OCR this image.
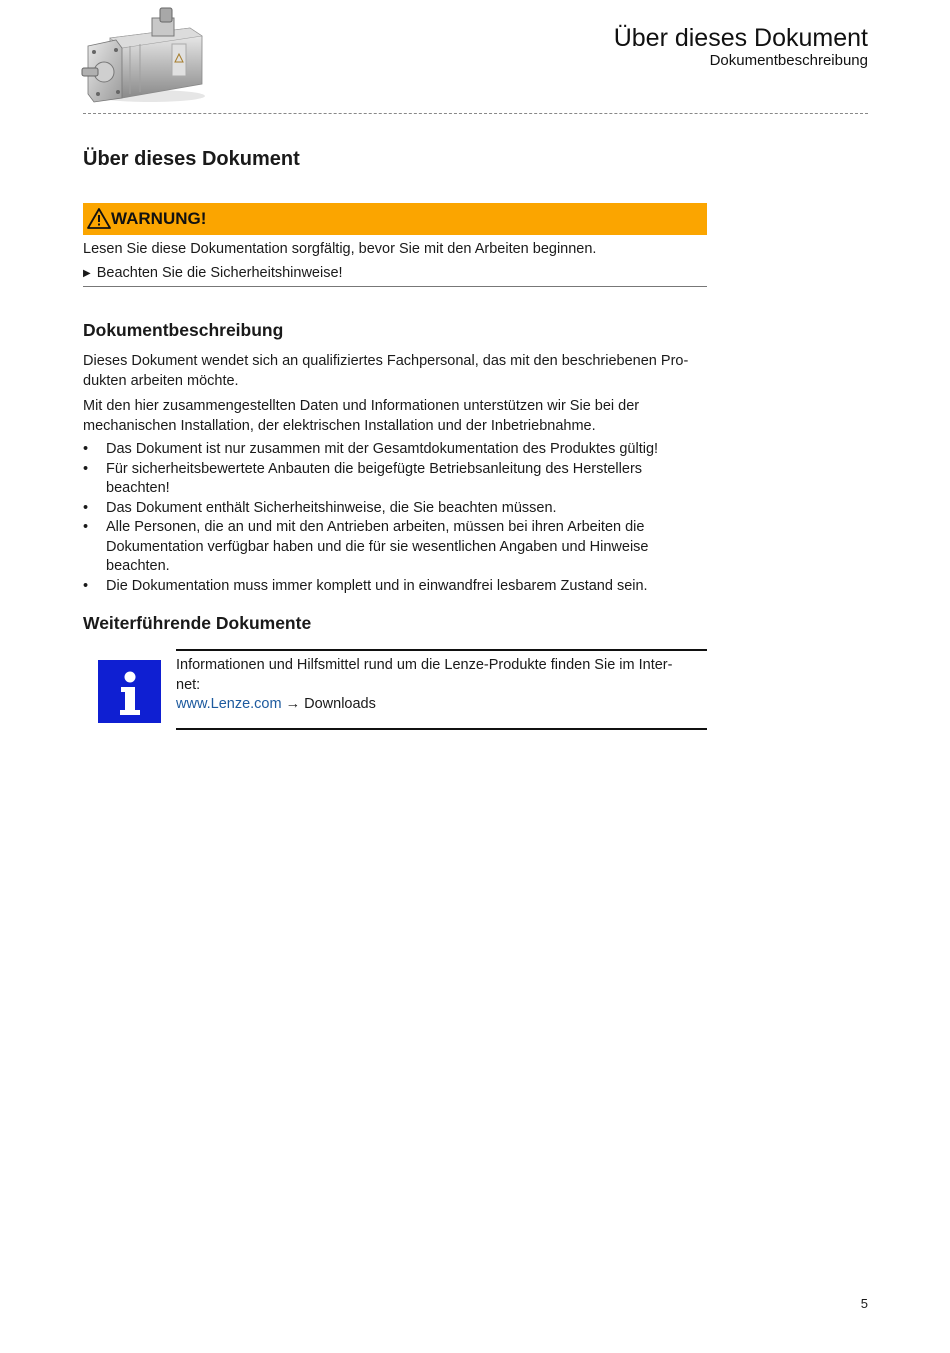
Über dieses Dokument
Dokumentbeschreibung
Über dieses Dokument
WARNUNG!
Lesen Sie diese Dokumentation sorgfältig, bevor Sie mit den Arbeiten beginnen.
▶ Beachten Sie die Sicherheitshinweise!
Dokumentbeschreibung

Dieses Dokument wendet sich an qualifiziertes Fachpersonal, das mit den beschriebenen Pro-
dukten arbeiten möchte.

Mit den hier zusammengestellten Daten und Informationen unterstützen wir Sie bei der
mechanischen Installation, der elektrischen Installation und der Inbetriebnahme.

• Das Dokument ist nur zusammen mit der Gesamtdokumentation des Produktes gültig!
• Für sicherheitsbewertete Anbauten die beigefügte Betriebsanleitung des Herstellers
beachten!
• Das Dokument enthält Sicherheitshinweise, die Sie beachten müssen.
• Alle Personen, die an und mit den Antrieben arbeiten, müssen bei ihren Arbeiten die
Dokumentation verfügbar haben und die für sie wesentlichen Angaben und Hinweise
beachten.
• Die Dokumentation muss immer komplett und in einwandfrei lesbarem Zustand sein.
Weiterführende Dokumente
Informationen und Hilfsmittel rund um die Lenze-Produkte finden Sie im Inter-
net:
www.Lenze.com → Downloads
5
